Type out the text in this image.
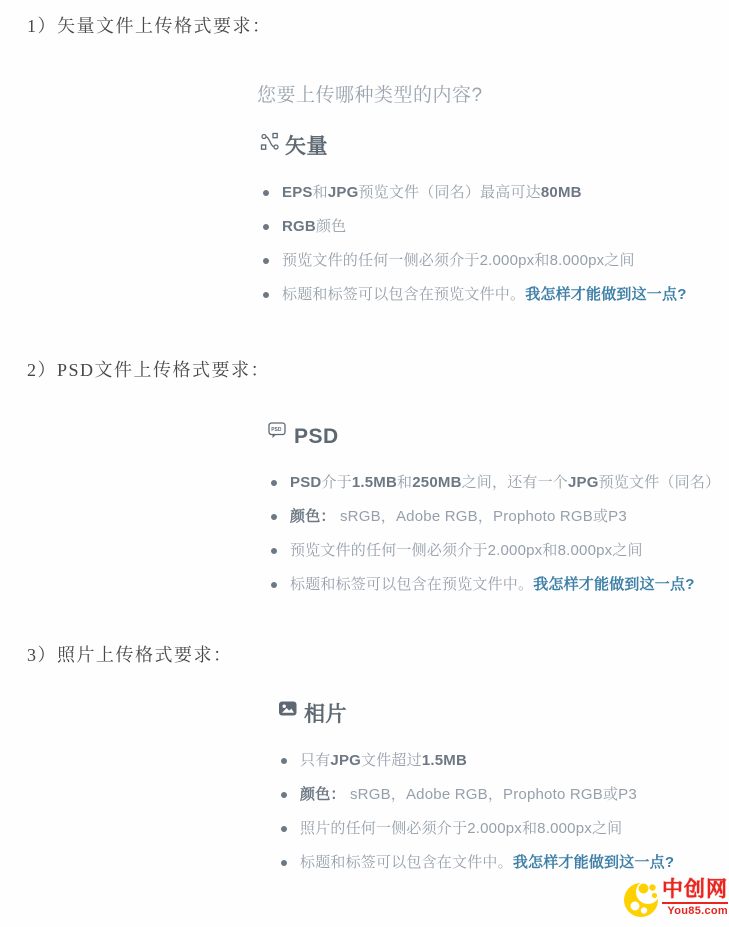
1）矢量文件上传格式要求：
您要上传哪种类型的内容?
矢量
EPS和JPG预览文件（同名）最高可达80MB
RGB颜色
预览文件的任何一侧必须介于2.000px和8.000px之间
标题和标签可以包含在预览文件中。我怎样才能做到这一点?
2）PSD文件上传格式要求：
PSD PSD
PSD介于1.5MB和250MB之间，还有一个JPG预览文件（同名）
颜色： sRGB，Adobe RGB，Prophoto RGB或P3
预览文件的任何一侧必须介于2.000px和8.000px之间
标题和标签可以包含在预览文件中。我怎样才能做到这一点?
3）照片上传格式要求：
相片
只有JPG文件超过1.5MB
颜色： sRGB，Adobe RGB，Prophoto RGB或P3
照片的任何一侧必须介于2.000px和8.000px之间
标题和标签可以包含在文件中。我怎样才能做到这一点?
中创网
You85.com
